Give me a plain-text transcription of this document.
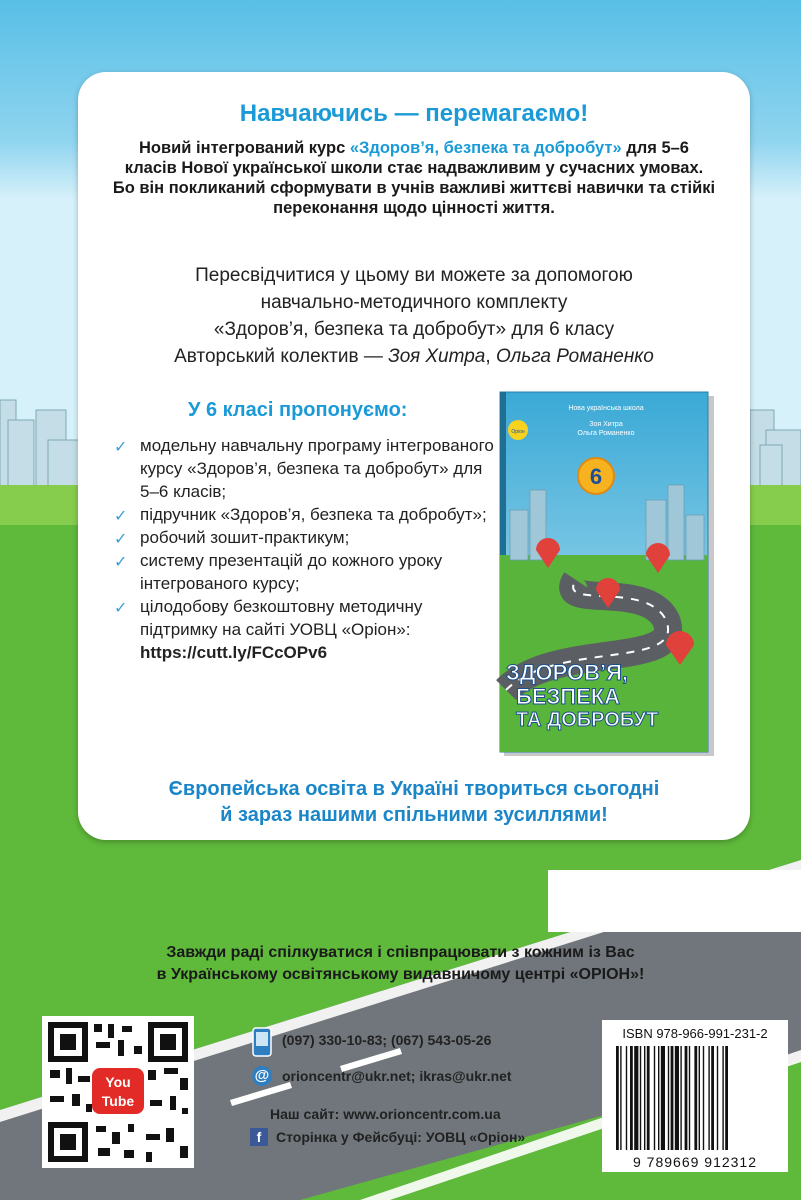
Навчаючись — перемагаємо!
Новий інтегрований курс «Здоров’я, безпека та добробут» для 5–6 класів Нової української школи стає надважливим у сучасних умовах. Бо він покликаний сформувати в учнів важливі життєві навички та стійкі переконання щодо цінності життя.
Пересвідчитися у цьому ви можете за допомогою
навчально-методичного комплекту
«Здоров’я, безпека та добробут» для 6 класу
Авторський колектив — Зоя Хитра, Ольга Романенко
У 6 класі пропонуємо:
✓ модельну навчальну програму інтегрованого курсу «Здоров’я, безпека та добробут» для 5–6 класів;
✓ підручник «Здоров’я, безпека та добробут»;
✓ робочий зошит-практикум;
✓ систему презентацій до кожного уроку інтегрованого курсу;
✓ цілодобову безкоштовну методичну підтримку на сайті УОВЦ «Оріон»:
https://cutt.ly/FCcOPv6
6
Нова українська школа
Зоя Хитра
Ольга Романенко
Оріон
ЗДОРОВ’Я,
БЕЗПЕКА
ТА ДОБРОБУТ
Європейська освіта в Україні твориться сьогодні
й зараз нашими спільними зусиллями!
Завжди раді спілкуватися і співпрацювати з кожним із Вас
в Українському освітянському видавничому центрі «ОРІОН»!
You
Tube
(097) 330-10-83; (067) 543-05-26
@ orioncentr@ukr.net; ikras@ukr.net
Наш сайт: www.orioncentr.com.ua
f	Сторінка у Фейсбуці: УОВЦ «Оріон»
ISBN 978-966-991-231-2
9 789669 912312
